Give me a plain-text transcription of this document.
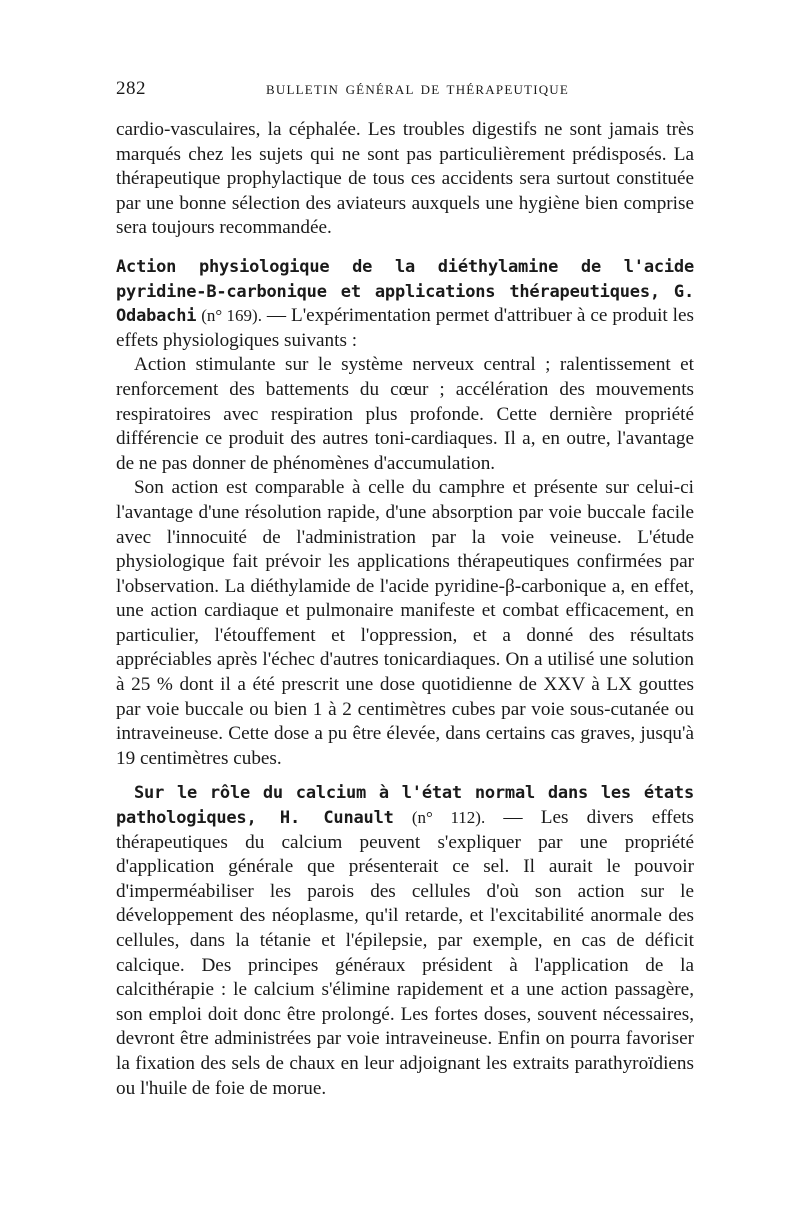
282	BULLETIN GÉNÉRAL DE THÉRAPEUTIQUE

cardio-vasculaires, la céphalée. Les troubles digestifs ne sont jamais très marqués chez les sujets qui ne sont pas particulièrement prédisposés. La thérapeutique prophylactique de tous ces accidents sera surtout constituée par une bonne sélection des aviateurs auxquels une hygiène bien comprise sera toujours recommandée.

Action physiologique de la diéthylamine de l'acide pyridine-B-carbonique et applications thérapeutiques, G. Odabachi (n° 169). — L'expérimentation permet d'attribuer à ce produit les effets physiologiques suivants :

Action stimulante sur le système nerveux central ; ralentissement et renforcement des battements du cœur ; accélération des mouvements respiratoires avec respiration plus profonde. Cette dernière propriété différencie ce produit des autres toni-cardiaques. Il a, en outre, l'avantage de ne pas donner de phénomènes d'accumulation.

Son action est comparable à celle du camphre et présente sur celui-ci l'avantage d'une résolution rapide, d'une absorption par voie buccale facile avec l'innocuité de l'administration par la voie veineuse. L'étude physiologique fait prévoir les applications thérapeutiques confirmées par l'observation. La diéthylamide de l'acide pyridine-β-carbonique a, en effet, une action cardiaque et pulmonaire manifeste et combat efficacement, en particulier, l'étouffement et l'oppression, et a donné des résultats appréciables après l'échec d'autres tonicardiaques. On a utilisé une solution à 25 % dont il a été prescrit une dose quotidienne de XXV à LX gouttes par voie buccale ou bien 1 à 2 centimètres cubes par voie sous-cutanée ou intraveineuse. Cette dose a pu être élevée, dans certains cas graves, jusqu'à 19 centimètres cubes.

Sur le rôle du calcium à l'état normal dans les états pathologiques, H. Cunault (n° 112). — Les divers effets thérapeutiques du calcium peuvent s'expliquer par une propriété d'application générale que présenterait ce sel. Il aurait le pouvoir d'imperméabiliser les parois des cellules d'où son action sur le développement des néoplasme, qu'il retarde, et l'excitabilité anormale des cellules, dans la tétanie et l'épilepsie, par exemple, en cas de déficit calcique. Des principes généraux président à l'application de la calcithérapie : le calcium s'élimine rapidement et a une action passagère, son emploi doit donc être prolongé. Les fortes doses, souvent nécessaires, devront être administrées par voie intraveineuse. Enfin on pourra favoriser la fixation des sels de chaux en leur adjoignant les extraits parathyroïdiens ou l'huile de foie de morue.
